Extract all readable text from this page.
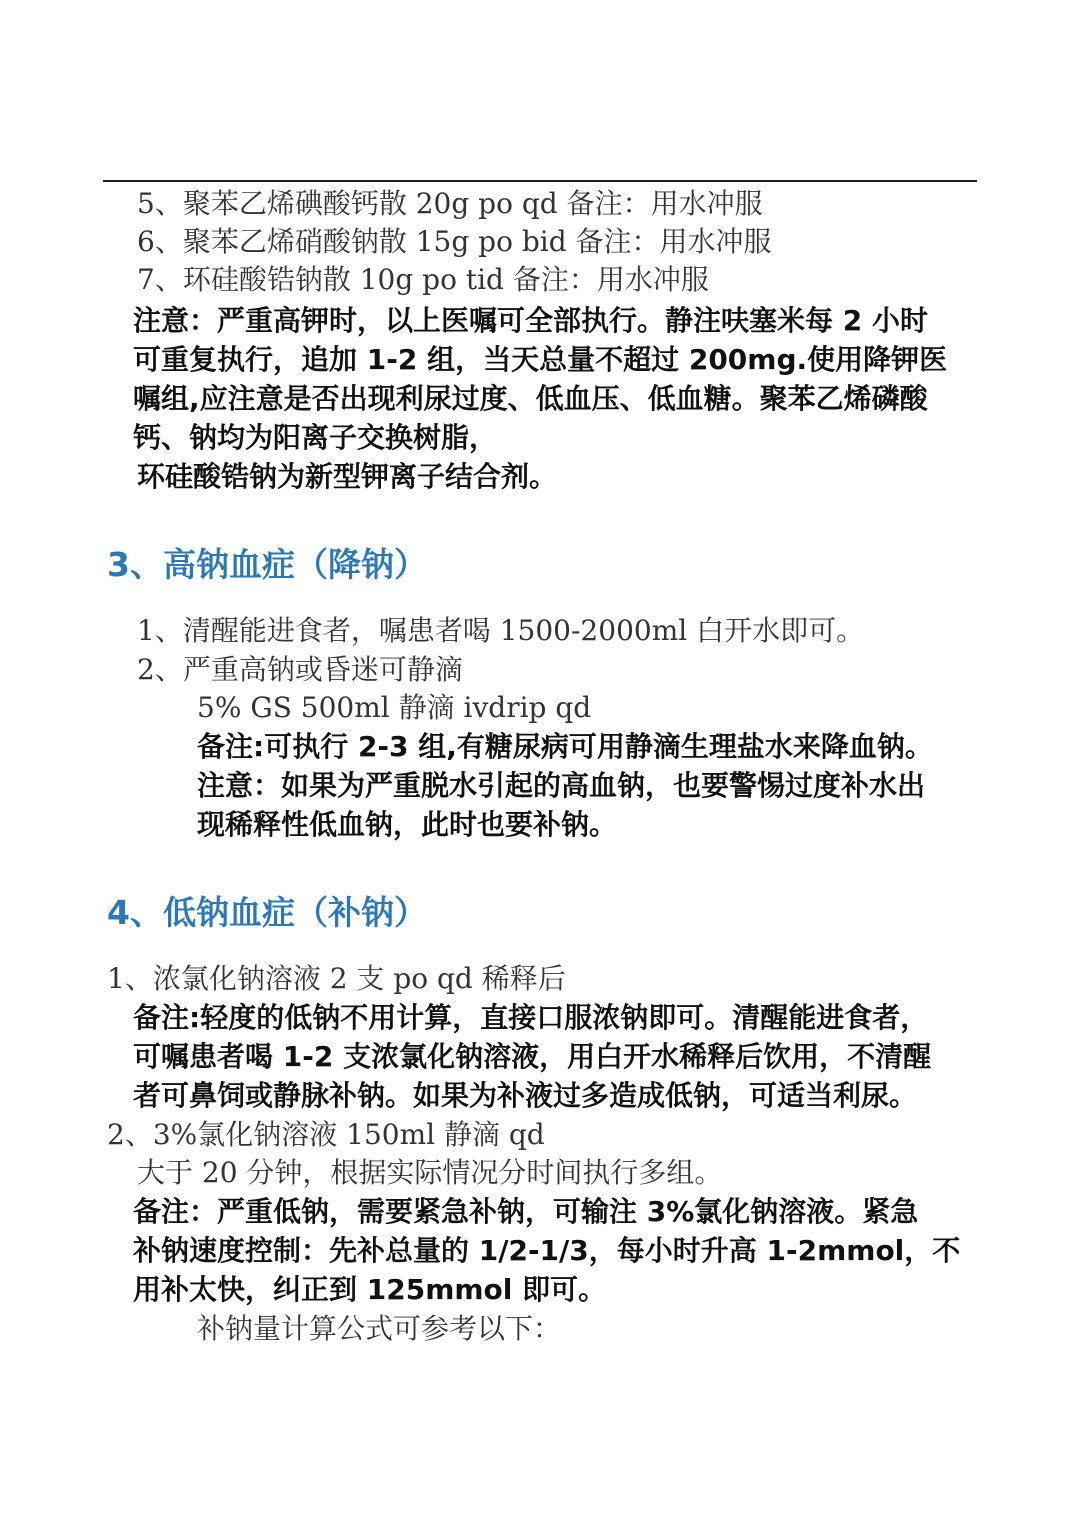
5、聚苯乙烯碘酸钙散 20g po qd 备注：用水冲服
6、聚苯乙烯硝酸钠散 15g po bid 备注：用水冲服
7、环硅酸锆钠散 10g po tid 备注：用水冲服
注意：严重高钾时，以上医嘱可全部执行。静注呋塞米每 2 小时
可重复执行，追加 1-2 组，当天总量不超过 200mg.使用降钾医
嘱组,应注意是否出现利尿过度、低血压、低血糖。聚苯乙烯磷酸
钙、钠均为阳离子交换树脂，
环硅酸锆钠为新型钾离子结合剂。
3、高钠血症（降钠）
1、清醒能进食者，嘱患者喝 1500-2000ml 白开水即可。
2、严重高钠或昏迷可静滴
5% GS 500ml 静滴 ivdrip qd
备注:可执行 2-3 组,有糖尿病可用静滴生理盐水来降血钠。
注意：如果为严重脱水引起的高血钠，也要警惕过度补水出
现稀释性低血钠，此时也要补钠。
4、低钠血症（补钠）
1、浓氯化钠溶液 2 支 po qd 稀释后
备注:轻度的低钠不用计算，直接口服浓钠即可。清醒能进食者，
可嘱患者喝 1-2 支浓氯化钠溶液，用白开水稀释后饮用，不清醒
者可鼻饲或静脉补钠。如果为补液过多造成低钠，可适当利尿。
2、3%氯化钠溶液 150ml 静滴 qd
大于 20 分钟，根据实际情况分时间执行多组。
备注：严重低钠，需要紧急补钠，可输注 3%氯化钠溶液。紧急
补钠速度控制：先补总量的 1/2-1/3，每小时升高 1-2mmol，不
用补太快，纠正到 125mmol 即可。
补钠量计算公式可参考以下：
